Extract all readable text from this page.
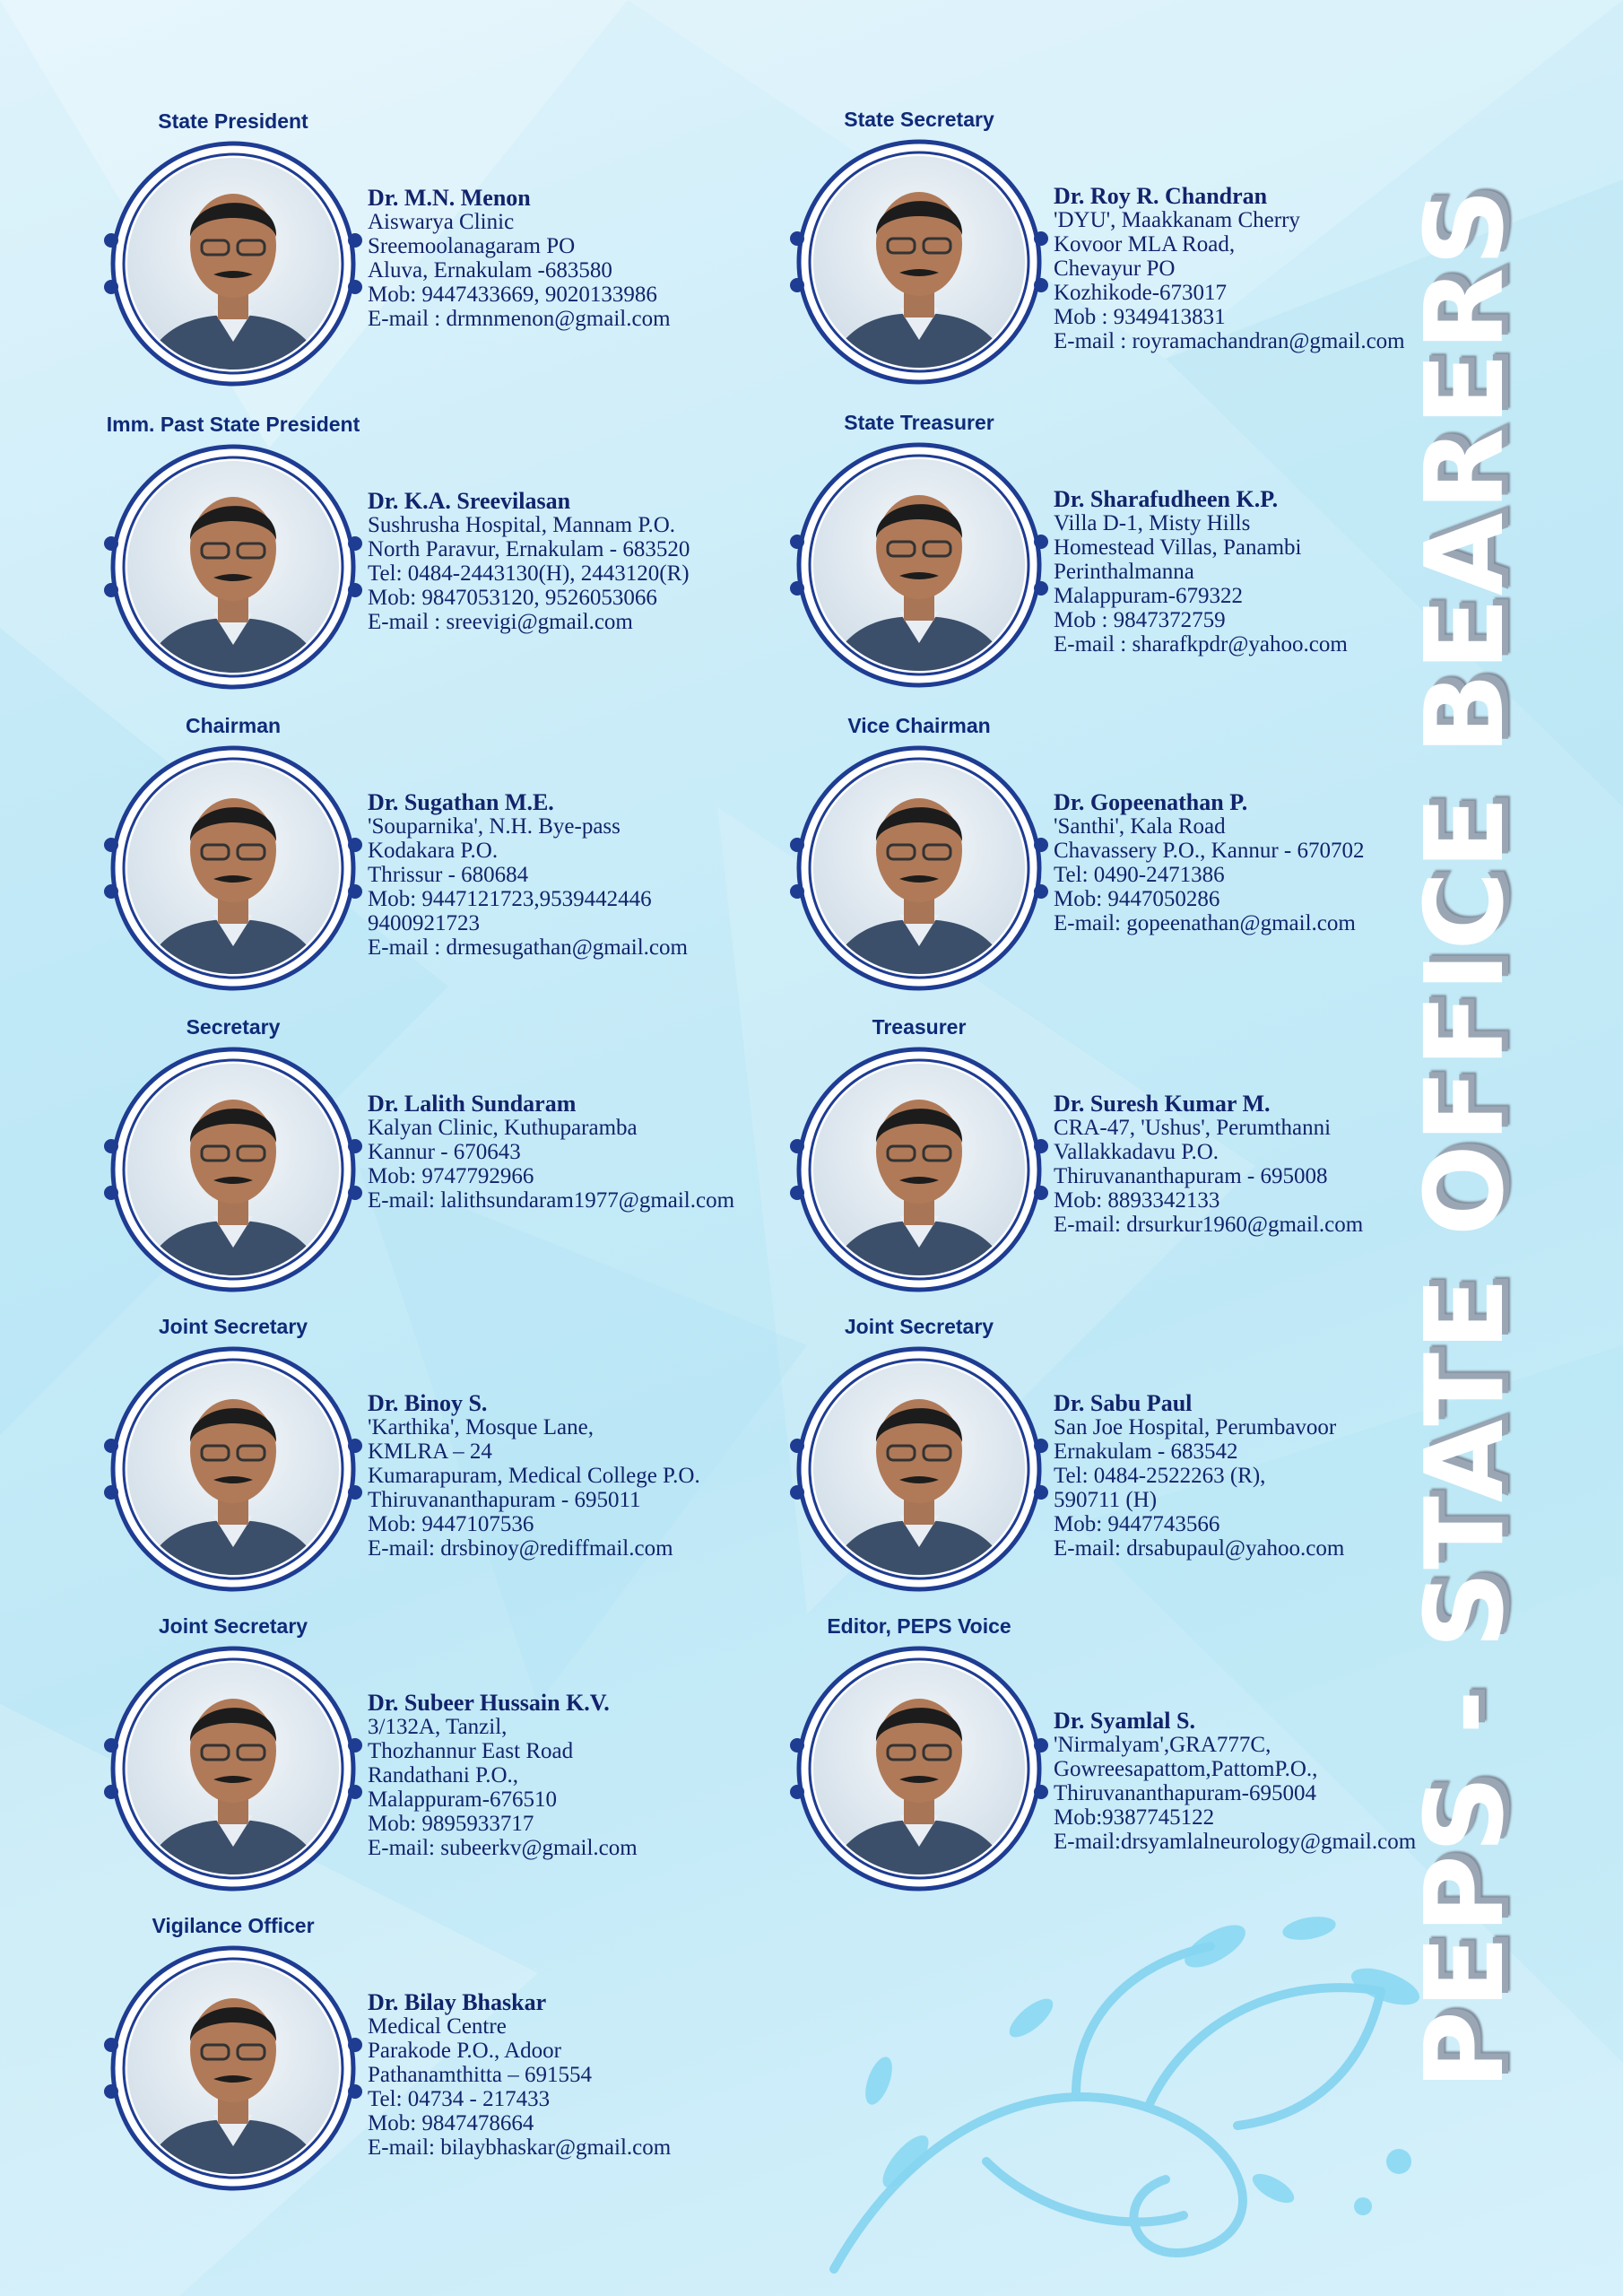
PEPS - STATE OFFICE BEARERS
State President
Dr. M.N. Menon
Aiswarya Clinic
Sreemoolanagaram PO
Aluva, Ernakulam -683580
Mob: 9447433669, 9020133986
E-mail : drmnmenon@gmail.com
State Secretary
Dr. Roy R. Chandran
'DYU', Maakkanam Cherry
Kovoor MLA Road,
Chevayur PO
Kozhikode-673017
Mob : 9349413831
E-mail : royramachandran@gmail.com
Imm. Past State President
Dr. K.A. Sreevilasan
Sushrusha Hospital, Mannam P.O.
North Paravur, Ernakulam - 683520
Tel: 0484-2443130(H), 2443120(R)
Mob: 9847053120, 9526053066
E-mail : sreevigi@gmail.com
State Treasurer
Dr. Sharafudheen K.P.
Villa D-1, Misty Hills
Homestead Villas, Panambi
Perinthalmanna
Malappuram-679322
Mob : 9847372759
E-mail : sharafkpdr@yahoo.com
Chairman
Dr. Sugathan M.E.
'Souparnika', N.H. Bye-pass
Kodakara P.O.
Thrissur - 680684
Mob: 9447121723,9539442446
9400921723
E-mail : drmesugathan@gmail.com
Vice Chairman
Dr. Gopeenathan P.
'Santhi', Kala Road
Chavassery P.O., Kannur - 670702
Tel: 0490-2471386
Mob: 9447050286
E-mail: gopeenathan@gmail.com
Secretary
Dr. Lalith Sundaram
Kalyan Clinic, Kuthuparamba
Kannur - 670643
Mob: 9747792966
E-mail: lalithsundaram1977@gmail.com
Treasurer
Dr. Suresh Kumar M.
CRA-47, 'Ushus', Perumthanni
Vallakkadavu P.O.
Thiruvananthapuram - 695008
Mob: 8893342133
E-mail: drsurkur1960@gmail.com
Joint Secretary
Dr. Binoy S.
'Karthika', Mosque Lane,
KMLRA – 24
Kumarapuram, Medical College P.O.
Thiruvananthapuram - 695011
Mob: 9447107536
E-mail: drsbinoy@rediffmail.com
Joint Secretary
Dr. Sabu Paul
San Joe Hospital, Perumbavoor
Ernakulam - 683542
Tel: 0484-2522263 (R),
590711 (H)
Mob: 9447743566
E-mail: drsabupaul@yahoo.com
Joint Secretary
Dr. Subeer Hussain K.V.
3/132A, Tanzil,
Thozhannur East Road
Randathani P.O.,
Malappuram-676510
Mob: 9895933717
E-mail: subeerkv@gmail.com
Editor, PEPS Voice
Dr. Syamlal S.
'Nirmalyam',GRA777C,
Gowreesapattom,PattomP.O.,
Thiruvananthapuram-695004
Mob:9387745122
E-mail:drsyamlalneurology@gmail.com
Vigilance Officer
Dr. Bilay Bhaskar
Medical Centre
Parakode P.O., Adoor
Pathanamthitta – 691554
Tel: 04734 - 217433
Mob: 9847478664
E-mail: bilaybhaskar@gmail.com
